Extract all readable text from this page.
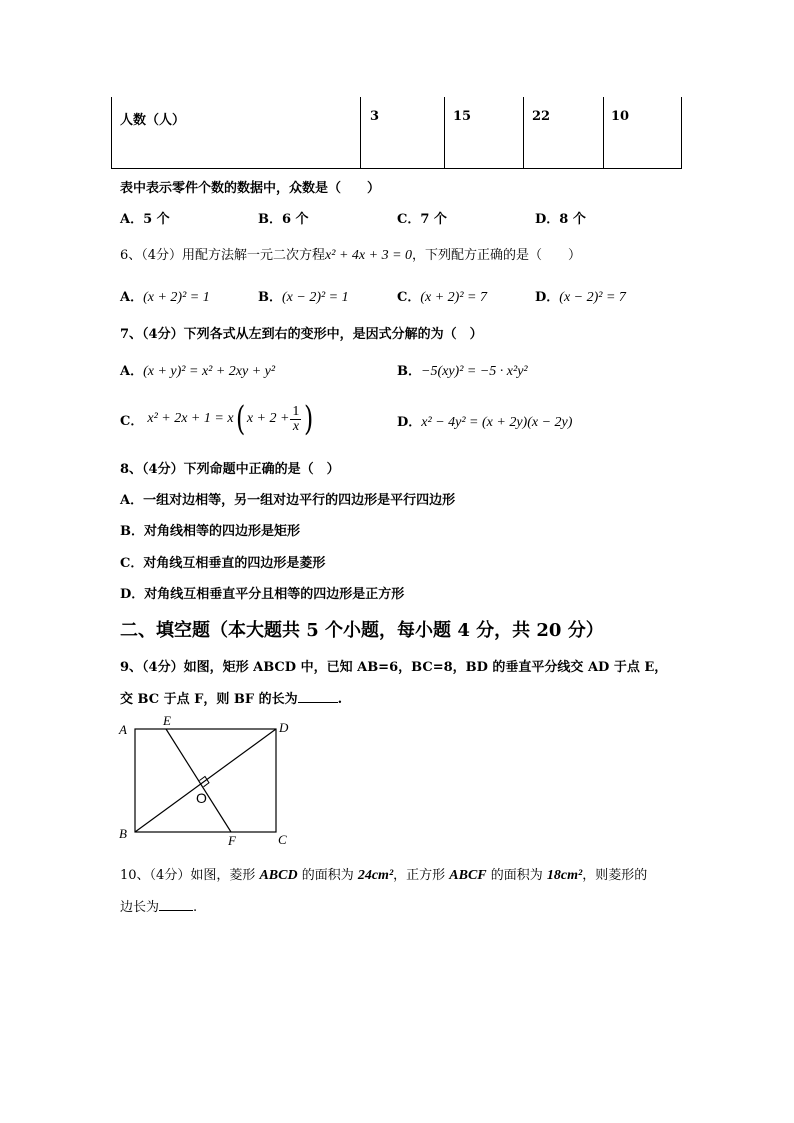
人数（人）	3	15	22	10
表中表示零件个数的数据中，众数是（　　）
A．5 个	B．6 个	C．7 个	D．8 个
6、（4分）用配方法解一元二次方程x² + 4x + 3 = 0，下列配方正确的是（　　）
A．(x + 2)² = 1	B．(x − 2)² = 1	C．(x + 2)² = 7	D．(x − 2)² = 7
7、（4分）下列各式从左到右的变形中，是因式分解的为（　）
A．(x + y)² = x² + 2xy + y²	B．−5(xy)² = −5 · x²y²
C． x² + 2x + 1 = x ( $x + 2 + \frac{1}{x}$ )	D．x² − 4y² = (x + 2y)(x − 2y)
8、（4分）下列命题中正确的是（　）
A．一组对边相等，另一组对边平行的四边形是平行四边形
B．对角线相等的四边形是矩形
C．对角线互相垂直的四边形是菱形
D．对角线互相垂直平分且相等的四边形是正方形
二、填空题（本大题共 5 个小题，每小题 4 分，共 20 分）
9、（4分）如图，矩形 ABCD 中，已知 AB=6，BC=8，BD 的垂直平分线交 AD 于点 E，
交 BC 于点 F，则 BF 的长为	.
A
E	D
O
B	F	C
10、（4分）如图，菱形 ABCD 的面积为 24cm²，正方形 ABCF 的面积为 18cm²，则菱形的
边长为	.
